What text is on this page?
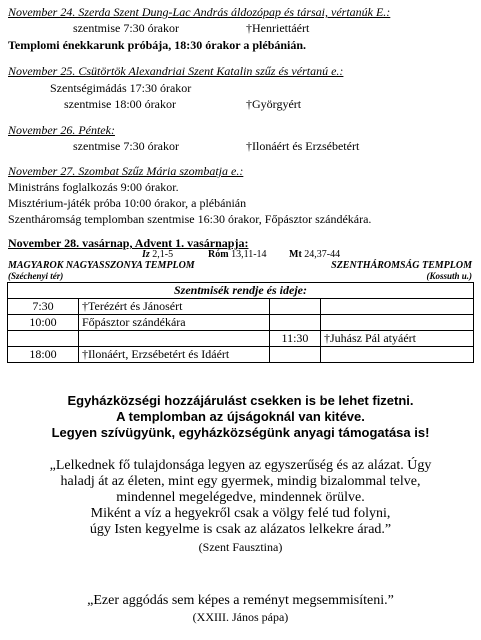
November 24. Szerda Szent Dung-Lac András áldozópap és társai, vértanúk E.:
szentmise 7:30 órakor	†Henriettáért
Templomi énekkarunk próbája, 18:30 órakor a plébánián.
November 25. Csütörtök Alexandriai Szent Katalin szűz és vértanú e.:
Szentségimádás 17:30 órakor
szentmise 18:00 órakor	†Györgyért
November 26. Péntek:
szentmise 7:30 órakor	†Ilonáért és Erzsébetért
November 27. Szombat Szűz Mária szombatja e.:
Ministráns foglalkozás 9:00 órakor.
Misztérium-játék próba 10:00 órakor, a plébánián
Szentháromság templomban szentmise 16:30 órakor, Főpásztor szándékára.
November 28. vasárnap, Advent 1. vasárnapja:
Iz 2,1-5	Róm 13,11-14 Mt 24,37-44
MAGYAROK NAGYASSZONYA TEMPLOM
(Széchenyi tér)
SZENTHÁROMSÁG TEMPLOM
(Kossuth u.)
Szentmisék rendje és ideje:			
7:30	†Terézért és Jánosért		
10:00	Főpásztor szándékára		
		11:30	†Juhász Pál atyáért
18:00	†Ilonáért, Erzsébetért és Idáért		
Egyházközségi hozzájárulást csekken is be lehet fizetni.
A templomban az újságoknál van kitéve.
Legyen szívügyünk, egyházközségünk anyagi támogatása is!
„Lelkednek fő tulajdonsága legyen az egyszerűség és az alázat. Úgy
haladj át az életen, mint egy gyermek, mindig bizalommal telve,
mindennel megelégedve, mindennek örülve.
Miként a víz a hegyekről csak a völgy felé tud folyni,
úgy Isten kegyelme is csak az alázatos lelkekre árad.”
(Szent Fausztina)
„Ezer aggódás sem képes a reményt megsemmisíteni.”
(XXIII. János pápa)
